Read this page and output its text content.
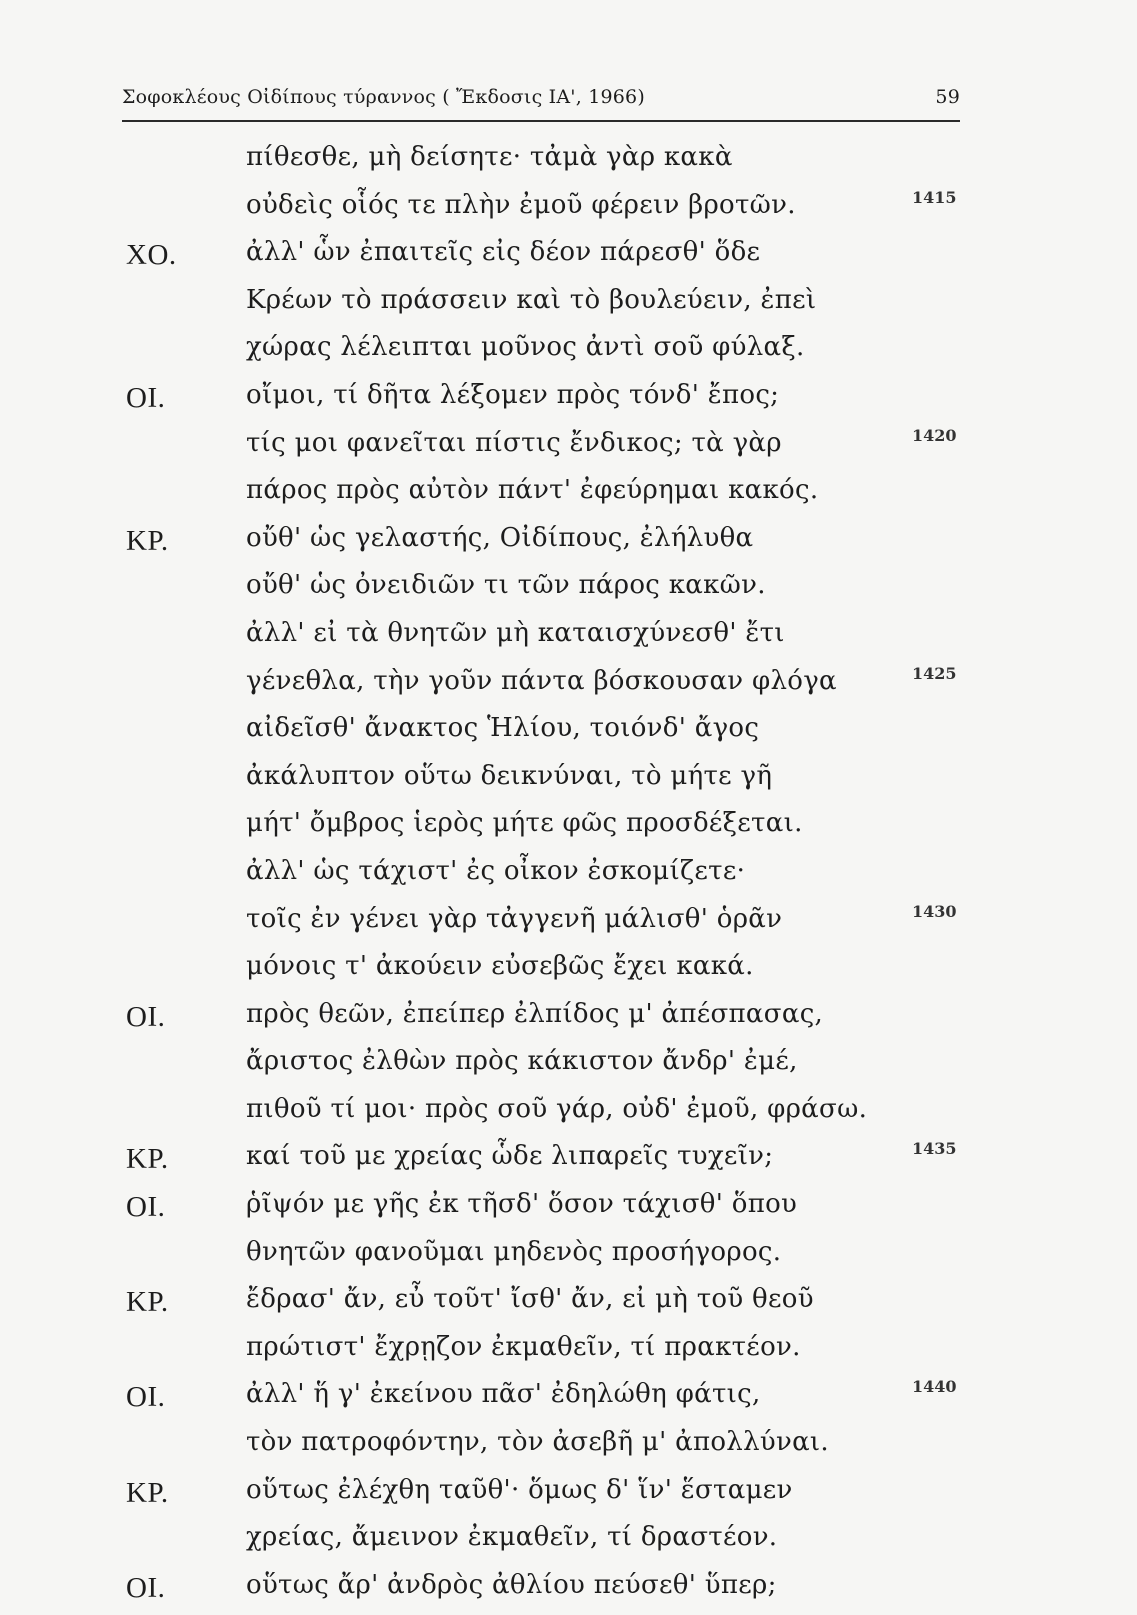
Σοφοκλέους Οἰδίπους τύραννος ( Ἔκδοσις ΙΑ', 1966)	59
πίθεσθε, μὴ δείσητε· τἀμὰ γὰρ κακὰ
οὐδεὶς οἷός τε πλὴν ἐμοῦ φέρειν βροτῶν.	1415
ΧΟ.	ἀλλ' ὧν ἐπαιτεῖς εἰς δέον πάρεσθ' ὅδε
Κρέων τὸ πράσσειν καὶ τὸ βουλεύειν, ἐπεὶ
χώρας λέλειπται μοῦνος ἀντὶ σοῦ φύλαξ.
ΟΙ.	οἴμοι, τί δῆτα λέξομεν πρὸς τόνδ' ἔπος;
τίς μοι φανεῖται πίστις ἔνδικος; τὰ γὰρ	1420
πάρος πρὸς αὐτὸν πάντ' ἐφεύρημαι κακός.
ΚΡ.	οὔθ' ὡς γελαστής, Οἰδίπους, ἐλήλυθα
οὔθ' ὡς ὀνειδιῶν τι τῶν πάρος κακῶν.
ἀλλ' εἰ τὰ θνητῶν μὴ καταισχύνεσθ' ἔτι
γένεθλα, τὴν γοῦν πάντα βόσκουσαν φλόγα	1425
αἰδεῖσθ' ἄνακτος Ἡλίου, τοιόνδ' ἄγος
ἀκάλυπτον οὕτω δεικνύναι, τὸ μήτε γῆ
μήτ' ὄμβρος ἱερὸς μήτε φῶς προσδέξεται.
ἀλλ' ὡς τάχιστ' ἐς οἶκον ἐσκομίζετε·
τοῖς ἐν γένει γὰρ τἀγγενῆ μάλισθ' ὁρᾶν	1430
μόνοις τ' ἀκούειν εὐσεβῶς ἔχει κακά.
ΟΙ.	πρὸς θεῶν, ἐπείπερ ἐλπίδος μ' ἀπέσπασας,
ἄριστος ἐλθὼν πρὸς κάκιστον ἄνδρ' ἐμέ,
πιθοῦ τί μοι· πρὸς σοῦ γάρ, οὐδ' ἐμοῦ, φράσω.
ΚΡ.	καί τοῦ με χρείας ὧδε λιπαρεῖς τυχεῖν;	1435
ΟΙ.	ῥῖψόν με γῆς ἐκ τῆσδ' ὅσον τάχισθ' ὅπου
θνητῶν φανοῦμαι μηδενὸς προσήγορος.
ΚΡ.	ἔδρασ' ἄν, εὖ τοῦτ' ἴσθ' ἄν, εἰ μὴ τοῦ θεοῦ
πρώτιστ' ἔχρῃζον ἐκμαθεῖν, τί πρακτέον.
ΟΙ.	ἀλλ' ἥ γ' ἐκείνου πᾶσ' ἐδηλώθη φάτις,	1440
τὸν πατροφόντην, τὸν ἀσεβῆ μ' ἀπολλύναι.
ΚΡ.	οὕτως ἐλέχθη ταῦθ'· ὅμως δ' ἵν' ἕσταμεν
χρείας, ἄμεινον ἐκμαθεῖν, τί δραστέον.
ΟΙ.	οὕτως ἄρ' ἀνδρὸς ἀθλίου πεύσεθ' ὕπερ;
